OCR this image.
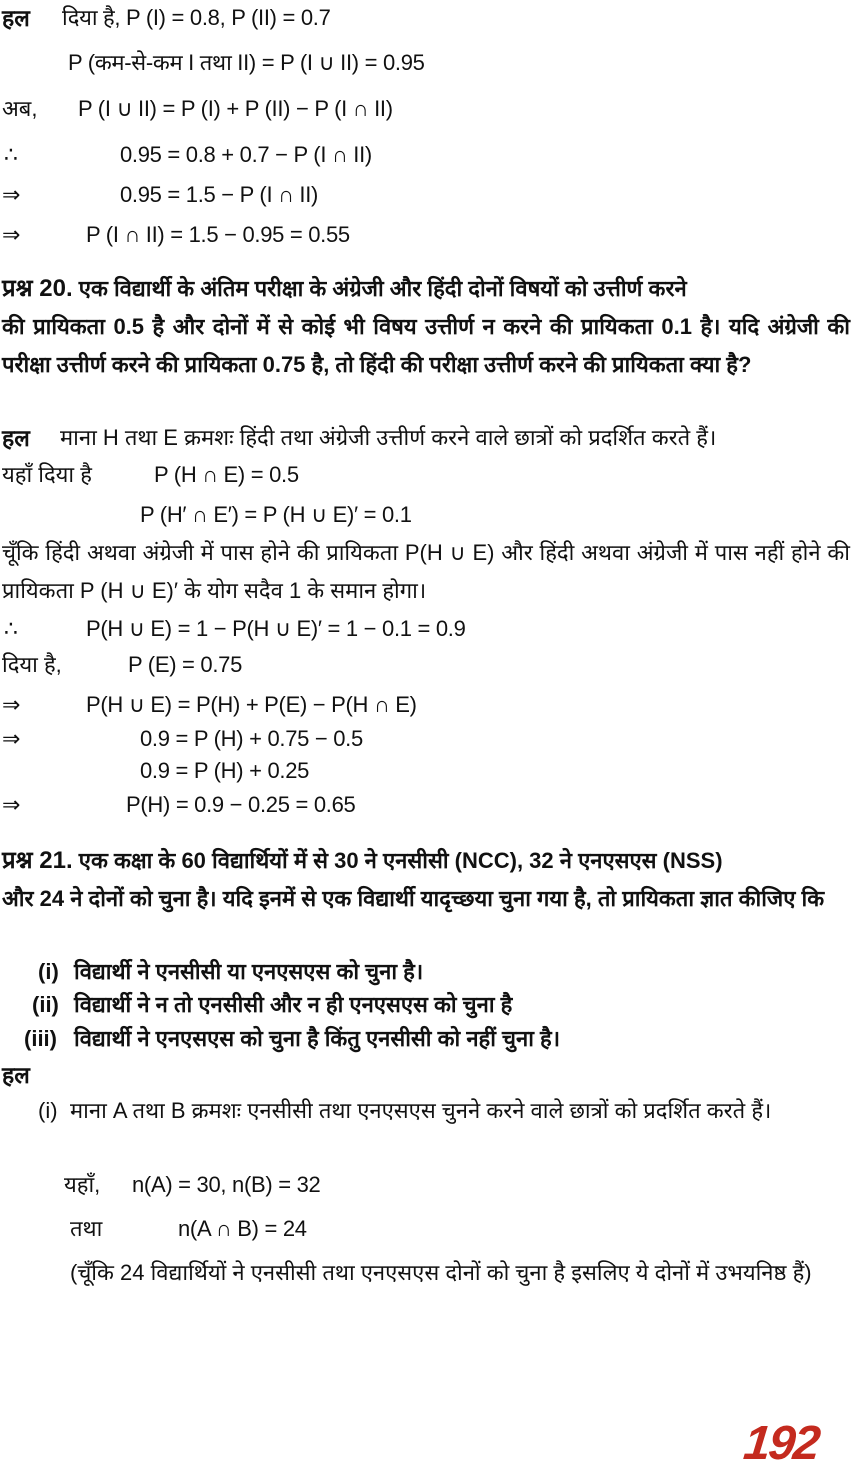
हल दिया है, P (I) = 0.8, P (II) = 0.7
P (कम-से-कम I तथा II) = P (I ∪ II) = 0.95
अब, P (I ∪ II) = P (I) + P (II) − P (I ∩ II)
∴	0.95 = 0.8 + 0.7 − P (I ∩ II)
⇒	0.95 = 1.5 − P (I ∩ II)
⇒	P (I ∩ II) = 1.5 − 0.95 = 0.55
प्रश्न 20. एक विद्यार्थी के अंतिम परीक्षा के अंग्रेजी और हिंदी दोनों विषयों को उत्तीर्ण करने
की प्रायिकता 0.5 है और दोनों में से कोई भी विषय उत्तीर्ण न करने की प्रायिकता 0.1 है। यदि अंग्रेजी की परीक्षा उत्तीर्ण करने की प्रायिकता 0.75 है, तो हिंदी की परीक्षा उत्तीर्ण करने की प्रायिकता क्या है?
हल माना H तथा E क्रमशः हिंदी तथा अंग्रेजी उत्तीर्ण करने वाले छात्रों को प्रदर्शित करते हैं।
यहाँ दिया है	P (H ∩ E) = 0.5
P (H′ ∩ E′) = P (H ∪ E)′ = 0.1
चूँकि हिंदी अथवा अंग्रेजी में पास होने की प्रायिकता P(H ∪ E) और हिंदी अथवा अंग्रेजी में पास नहीं होने की प्रायिकता P (H ∪ E)′ के योग सदैव 1 के समान होगा।
∴	P(H ∪ E) = 1 − P(H ∪ E)′ = 1 − 0.1 = 0.9
दिया है,	P (E) = 0.75
⇒	P(H ∪ E) = P(H) + P(E) − P(H ∩ E)
⇒	0.9 = P (H) + 0.75 − 0.5
0.9 = P (H) + 0.25
⇒	P(H) = 0.9 − 0.25 = 0.65
प्रश्न 21. एक कक्षा के 60 विद्यार्थियों में से 30 ने एनसीसी (NCC), 32 ने एनएसएस (NSS)
और 24 ने दोनों को चुना है। यदि इनमें से एक विद्यार्थी यादृच्छया चुना गया है, तो प्रायिकता ज्ञात कीजिए कि
(i) विद्यार्थी ने एनसीसी या एनएसएस को चुना है।
(ii) विद्यार्थी ने न तो एनसीसी और न ही एनएसएस को चुना है
(iii) विद्यार्थी ने एनएसएस को चुना है किंतु एनसीसी को नहीं चुना है।
हल
(i) माना A तथा B क्रमशः एनसीसी तथा एनएसएस चुनने करने वाले छात्रों को प्रदर्शित करते हैं।
यहाँ, n(A) = 30, n(B) = 32
तथा	n(A ∩ B) = 24
(चूँकि 24 विद्यार्थियों ने एनसीसी तथा एनएसएस दोनों को चुना है इसलिए ये दोनों में उभयनिष्ठ हैं)
192
